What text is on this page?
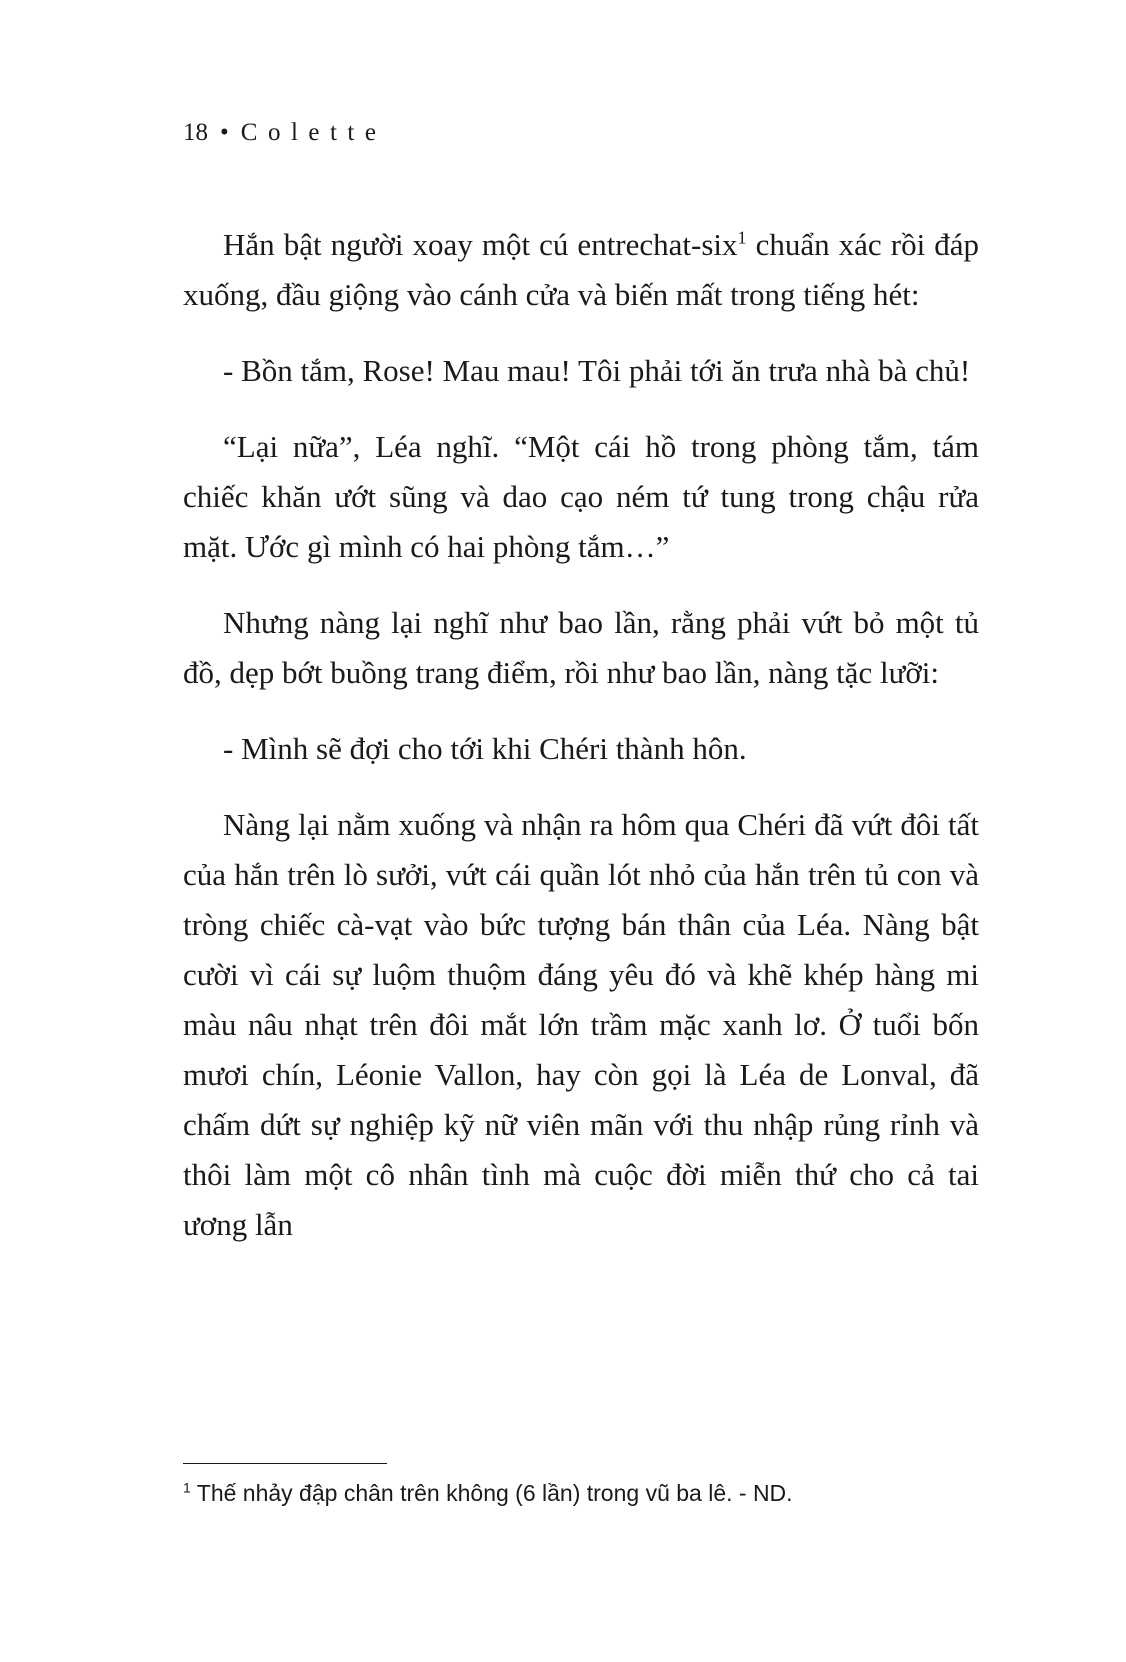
18 • Colette

Hắn bật người xoay một cú entrechat-six$^1$ chuẩn xác rồi đáp xuống, đầu giộng vào cánh cửa và biến mất trong tiếng hét:

- Bồn tắm, Rose! Mau mau! Tôi phải tới ăn trưa nhà bà chủ!

“Lại nữa”, Léa nghĩ. “Một cái hồ trong phòng tắm, tám chiếc khăn ướt sũng và dao cạo ném tứ tung trong chậu rửa mặt. Ước gì mình có hai phòng tắm…”

Nhưng nàng lại nghĩ như bao lần, rằng phải vứt bỏ một tủ đồ, dẹp bớt buồng trang điểm, rồi như bao lần, nàng tặc lưỡi:

- Mình sẽ đợi cho tới khi Chéri thành hôn.

Nàng lại nằm xuống và nhận ra hôm qua Chéri đã vứt đôi tất của hắn trên lò sưởi, vứt cái quần lót nhỏ của hắn trên tủ con và tròng chiếc cà-vạt vào bức tượng bán thân của Léa. Nàng bật cười vì cái sự luộm thuộm đáng yêu đó và khẽ khép hàng mi màu nâu nhạt trên đôi mắt lớn trầm mặc xanh lơ. Ở tuổi bốn mươi chín, Léonie Vallon, hay còn gọi là Léa de Lonval, đã chấm dứt sự nghiệp kỹ nữ viên mãn với thu nhập rủng rỉnh và thôi làm một cô nhân tình mà cuộc đời miễn thứ cho cả tai ương lẫn

$^1$ Thế nhảy đập chân trên không (6 lần) trong vũ ba lê. - ND.
